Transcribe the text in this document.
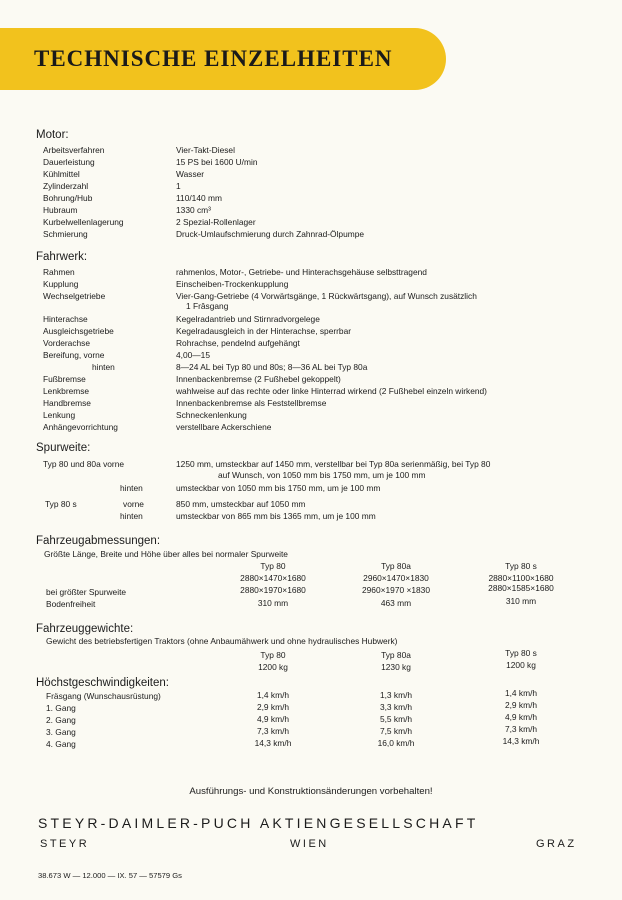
TECHNISCHE EINZELHEITEN
Motor:
Arbeitsverfahren	Vier-Takt-Diesel
Dauerleistung	15 PS bei 1600 U/min
Kühlmittel	Wasser
Zylinderzahl	1
Bohrung/Hub	110/140 mm
Hubraum	1330 cm³
Kurbelwellenlagerung	2 Spezial-Rollenlager
Schmierung	Druck-Umlaufschmierung durch Zahnrad-Ölpumpe
Fahrwerk:
Rahmen	rahmenlos, Motor-, Getriebe- und Hinterachsgehäuse selbsttragend
Kupplung	Einscheiben-Trockenkupplung
Wechselgetriebe	Vier-Gang-Getriebe (4 Vorwärtsgänge, 1 Rückwärtsgang), auf Wunsch zusätzlich
1 Frâsgang
Hinterachse	Kegelradantrieb und Stirnradvorgelege
Ausgleichsgetriebe	Kegelradausgleich in der Hinterachse, sperrbar
Vorderachse	Rohrachse, pendelnd aufgehängt
Bereifung, vorne	4,00—15
hinten	8—24 AL bei Typ 80 und 80s; 8—36 AL bei Typ 80a
Fußbremse	Innenbackenbremse (2 Fußhebel gekoppelt)
Lenkbremse	wahlweise auf das rechte oder linke Hinterrad wirkend (2 Fußhebel einzeln wirkend)
Handbremse	Innenbackenbremse als Feststellbremse
Lenkung	Schneckenlenkung
Anhängevorrichtung	verstellbare Ackerschiene
Spurweite:
Typ 80 und 80a vorne	1250 mm, umsteckbar auf 1450 mm, verstellbar bei Typ 80a serienmäßig, bei Typ 80
auf Wunsch, von 1050 mm bis 1750 mm, um je 100 mm
hinten	umsteckbar von 1050 mm bis 1750 mm, um je 100 mm
Typ 80 s	vorne	850 mm, umsteckbar auf 1050 mm
hinten	umsteckbar von 865 mm bis 1365 mm, um je 100 mm
Fahrzeugabmessungen:
Größte Länge, Breite und Höhe über alles bei normaler Spurweite
Typ 80	Typ 80a	Typ 80 s
2880×1470×1680	2960×1470×1830	2880×1100×1680
bei größter Spurweite	2880×1970×1680	2960×1970 ×1830	2880×1585×1680
Bodenfreiheit	310 mm	463 mm	310 mm
Fahrzeuggewichte:
Gewicht des betriebsfertigen Traktors (ohne Anbaumähwerk und ohne hydraulisches Hubwerk)
Typ 80	Typ 80a	Typ 80 s
1200 kg	1230 kg	1200 kg
Höchstgeschwindigkeiten:
Fräsgang (Wunschausrüstung)	1,4 km/h	1,3 km/h	1,4 km/h
1. Gang	2,9 km/h	3,3 km/h	2,9 km/h
2. Gang	4,9 km/h	5,5 km/h	4,9 km/h
3. Gang	7,3 km/h	7,5 km/h	7,3 km/h
4. Gang	14,3 km/h	16,0 km/h	14,3 km/h
Ausführungs- und Konstruktionsänderungen vorbehalten!
STEYR-DAIMLER-PUCH AKTIENGESELLSCHAFT
STEYR	WIEN	GRAZ
38.673 W — 12.000 — IX. 57 — 57579 Gs
